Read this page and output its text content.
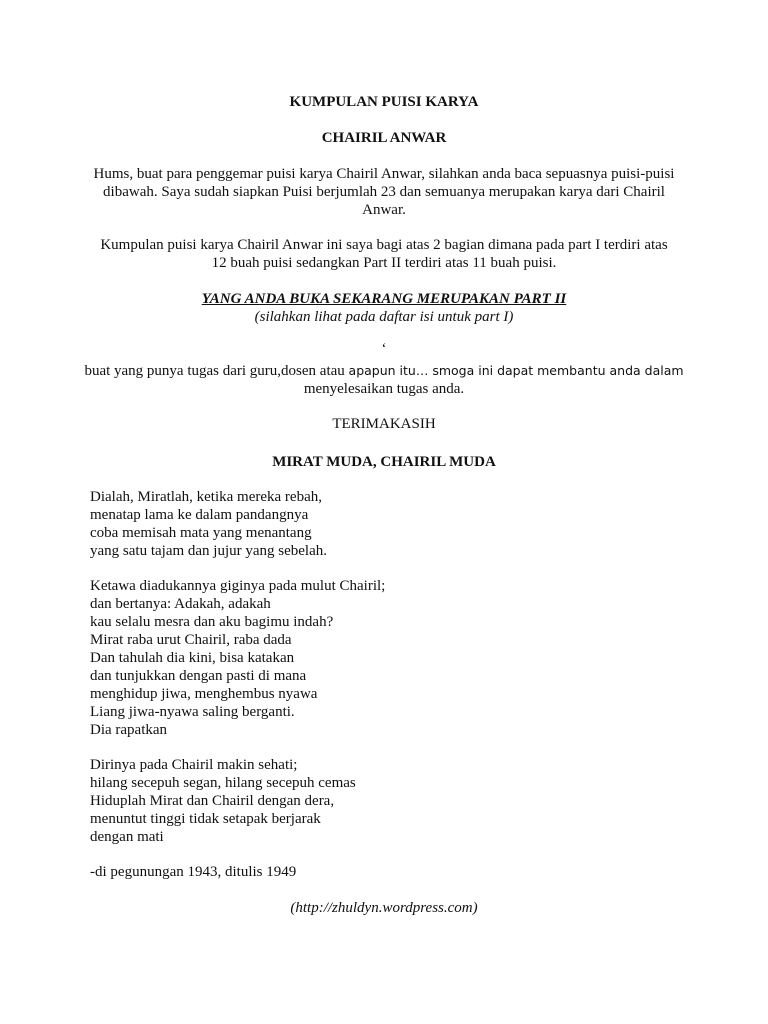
KUMPULAN PUISI KARYA
CHAIRIL ANWAR
Hums, buat para penggemar puisi karya Chairil Anwar, silahkan anda baca sepuasnya puisi-puisi
dibawah. Saya sudah siapkan Puisi berjumlah 23 dan semuanya merupakan karya dari Chairil
Anwar.
Kumpulan puisi karya Chairil Anwar ini saya bagi atas 2 bagian dimana pada part I terdiri atas
12 buah puisi sedangkan Part II terdiri atas 11 buah puisi.
YANG ANDA BUKA SEKARANG MERUPAKAN PART II
(silahkan lihat pada daftar isi untuk part I)
‘
buat yang punya tugas dari guru,dosen atau apapun itu… smoga ini dapat membantu anda dalam
menyelesaikan tugas anda.
TERIMAKASIH
MIRAT MUDA, CHAIRIL MUDA
Dialah, Miratlah, ketika mereka rebah,
menatap lama ke dalam pandangnya
coba memisah mata yang menantang
yang satu tajam dan jujur yang sebelah.
Ketawa diadukannya giginya pada mulut Chairil;
dan bertanya: Adakah, adakah
kau selalu mesra dan aku bagimu indah?
Mirat raba urut Chairil, raba dada
Dan tahulah dia kini, bisa katakan
dan tunjukkan dengan pasti di mana
menghidup jiwa, menghembus nyawa
Liang jiwa-nyawa saling berganti.
Dia rapatkan
Dirinya pada Chairil makin sehati;
hilang secepuh segan, hilang secepuh cemas
Hiduplah Mirat dan Chairil dengan dera,
menuntut tinggi tidak setapak berjarak
dengan mati
-di pegunungan 1943, ditulis 1949
(http://zhuldyn.wordpress.com)
